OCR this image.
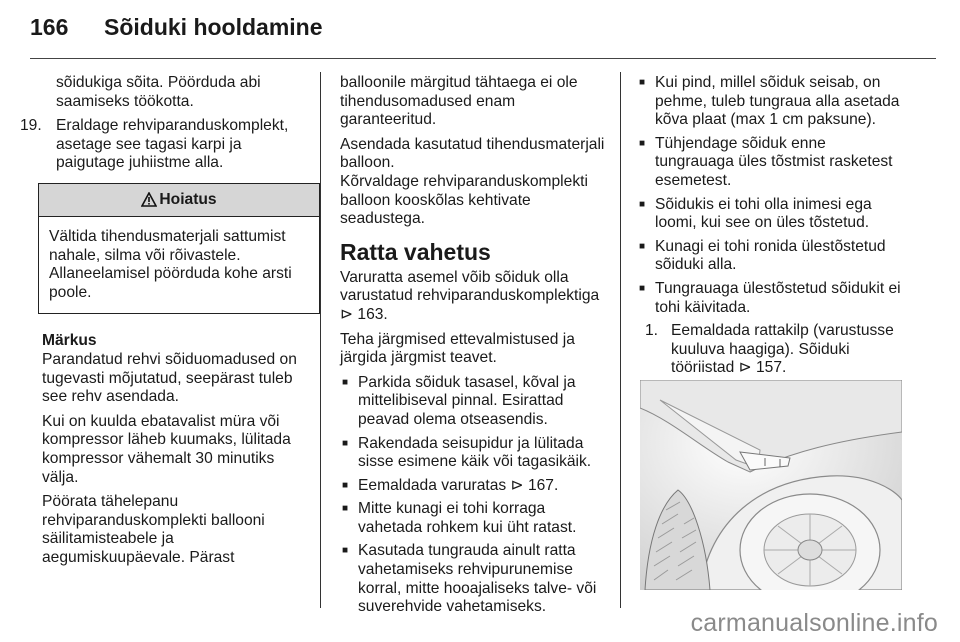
166	Sõiduki hooldamine

sõidukiga sõita. Pöörduda abi saamiseks töökotta.

19. Eraldage rehviparanduskomplekt, asetage see tagasi karpi ja paigutage juhiistme alla.
Hoiatus
Vältida tihendusmaterjali sattumist nahale, silma või rõivastele. Allaneelamisel pöörduda kohe arsti poole.

Märkus

Parandatud rehvi sõiduomadused on tugevasti mõjutatud, seepärast tuleb see rehv asendada.

Kui on kuulda ebatavalist müra või kompressor läheb kuumaks, lülitada kompressor vähemalt 30 minutiks välja.

Pöörata tähelepanu rehviparanduskomplekti ballooni säilitamisteabele ja aegumiskuupäevale. Pärast

balloonile märgitud tähtaega ei ole tihendusomadused enam garanteeritud.

Asendada kasutatud tihendusmaterjali balloon.

Kõrvaldage rehviparanduskomplekti balloon kooskõlas kehtivate seadustega.

Ratta vahetus

Varuratta asemel võib sõiduk olla varustatud rehviparanduskomplektiga ⊳ 163.

Teha järgmised ettevalmistused ja järgida järgmist teavet.

■ Parkida sõiduk tasasel, kõval ja mittelibiseval pinnal. Esirattad peavad olema otseasendis.
■ Rakendada seisupidur ja lülitada sisse esimene käik või tagasikäik.
■ Eemaldada varuratas ⊳ 167.
■ Mitte kunagi ei tohi korraga vahetada rohkem kui üht ratast.
■ Kasutada tungrauda ainult ratta vahetamiseks rehvipurunemise korral, mitte hooajaliseks talve- või suverehvide vahetamiseks.
■ Kui pind, millel sõiduk seisab, on pehme, tuleb tungraua alla asetada kõva plaat (max 1 cm paksune).
■ Tühjendage sõiduk enne tungrauaga üles tõstmist rasketest esemetest.
■ Sõidukis ei tohi olla inimesi ega loomi, kui see on üles tõstetud.
■ Kunagi ei tohi ronida ülestõstetud sõiduki alla.
■ Tungrauaga ülestõstetud sõidukit ei tohi käivitada.
1. Eemaldada rattakilp (varustusse kuuluva haagiga). Sõiduki tööriistad ⊳ 157.
carmanualsonline.info
